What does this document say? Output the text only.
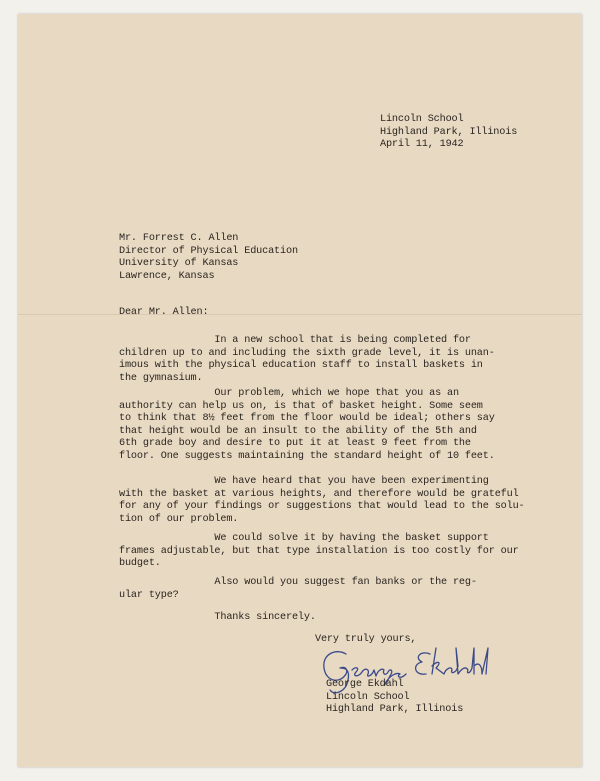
Lincoln School
Highland Park, Illinois
April 11, 1942
Mr. Forrest C. Allen
Director of Physical Education
University of Kansas
Lawrence, Kansas
Dear Mr. Allen:
In a new school that is being completed for
children up to and including the sixth grade level, it is unan-
imous with the physical education staff to install baskets in
the gymnasium.
Our problem, which we hope that you as an
authority can help us on, is that of basket height. Some seem
to think that 8½ feet from the floor would be ideal; others say
that height would be an insult to the ability of the 5th and
6th grade boy and desire to put it at least 9 feet from the
floor. One suggests maintaining the standard height of 10 feet.
We have heard that you have been experimenting
with the basket at various heights, and therefore would be grateful
for any of your findings or suggestions that would lead to the solu-
tion of our problem.
We could solve it by having the basket support
frames adjustable, but that type installation is too costly for our
budget.
Also would you suggest fan banks or the reg-
ular type?
Thanks sincerely.
Very truly yours,
George Ekdahl
Lincoln School
Highland Park, Illinois
